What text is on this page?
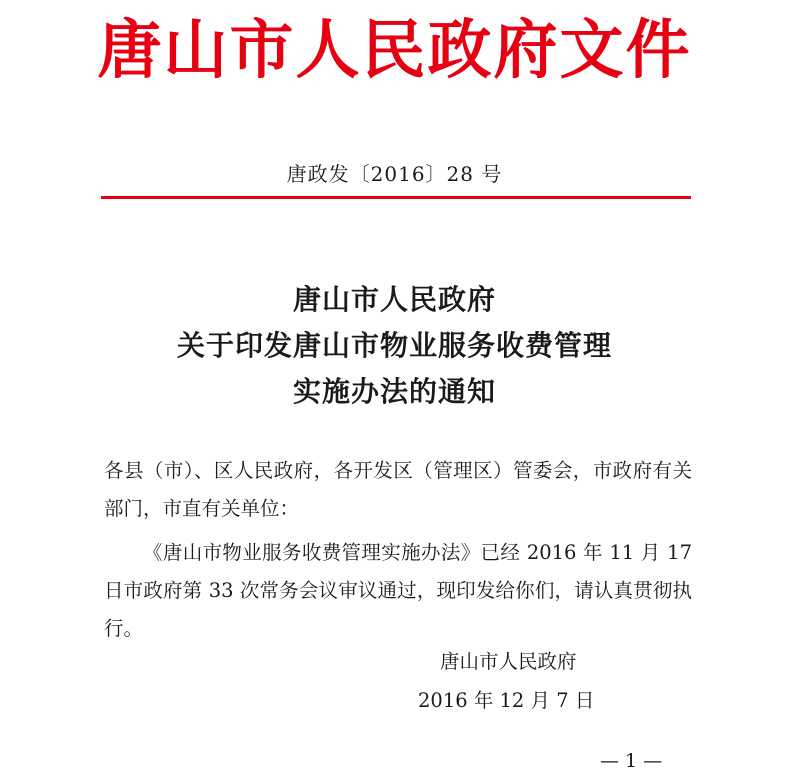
唐山市人民政府文件
唐政发〔2016〕28 号
唐山市人民政府
关于印发唐山市物业服务收费管理
实施办法的通知
各县（市）、区人民政府，各开发区（管理区）管委会，市政府有关部门，市直有关单位：
《唐山市物业服务收费管理实施办法》已经 2016 年 11 月 17 日市政府第 33 次常务会议审议通过，现印发给你们，请认真贯彻执行。
唐山市人民政府
2016 年 12 月 7 日
— 1 —
